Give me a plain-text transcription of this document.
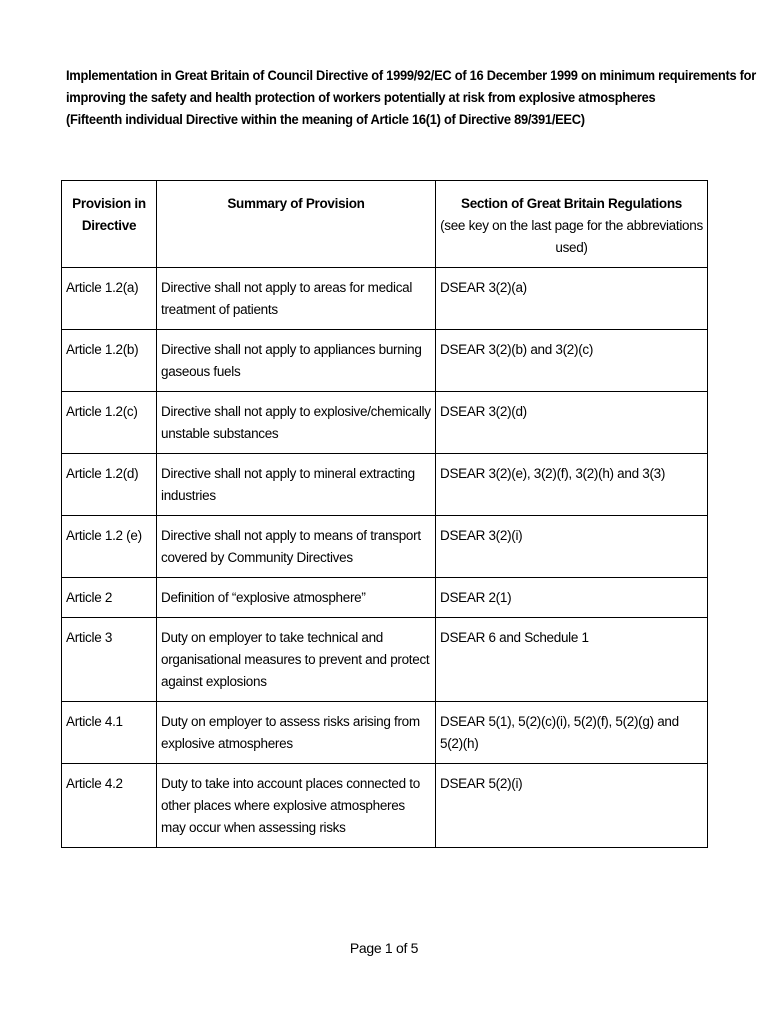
Implementation in Great Britain of Council Directive of 1999/92/EC of 16 December 1999 on minimum requirements for
improving the safety and health protection of workers potentially at risk from explosive atmospheres
(Fifteenth individual Directive within the meaning of Article 16(1) of Directive 89/391/EEC)
Provision in Directive	Summary of Provision	Section of Great Britain Regulations
(see key on the last page for the abbreviations used)

Article 1.2(a)	Directive shall not apply to areas for medical treatment of patients	DSEAR 3(2)(a)
Article 1.2(b)	Directive shall not apply to appliances burning gaseous fuels	DSEAR 3(2)(b) and 3(2)(c)
Article 1.2(c)	Directive shall not apply to explosive/chemically unstable substances	DSEAR 3(2)(d)
Article 1.2(d)	Directive shall not apply to mineral extracting industries	DSEAR 3(2)(e), 3(2)(f), 3(2)(h) and 3(3)
Article 1.2 (e)	Directive shall not apply to means of transport covered by Community Directives	DSEAR 3(2)(i)
Article 2	Definition of “explosive atmosphere”	DSEAR 2(1)
Article 3	Duty on employer to take technical and organisational measures to prevent and protect against explosions	DSEAR 6 and Schedule 1
Article 4.1	Duty on employer to assess risks arising from explosive atmospheres	DSEAR 5(1), 5(2)(c)(i), 5(2)(f), 5(2)(g) and 5(2)(h)
Article 4.2	Duty to take into account places connected to other places where explosive atmospheres may occur when assessing risks	DSEAR 5(2)(i)
Page 1 of 5
